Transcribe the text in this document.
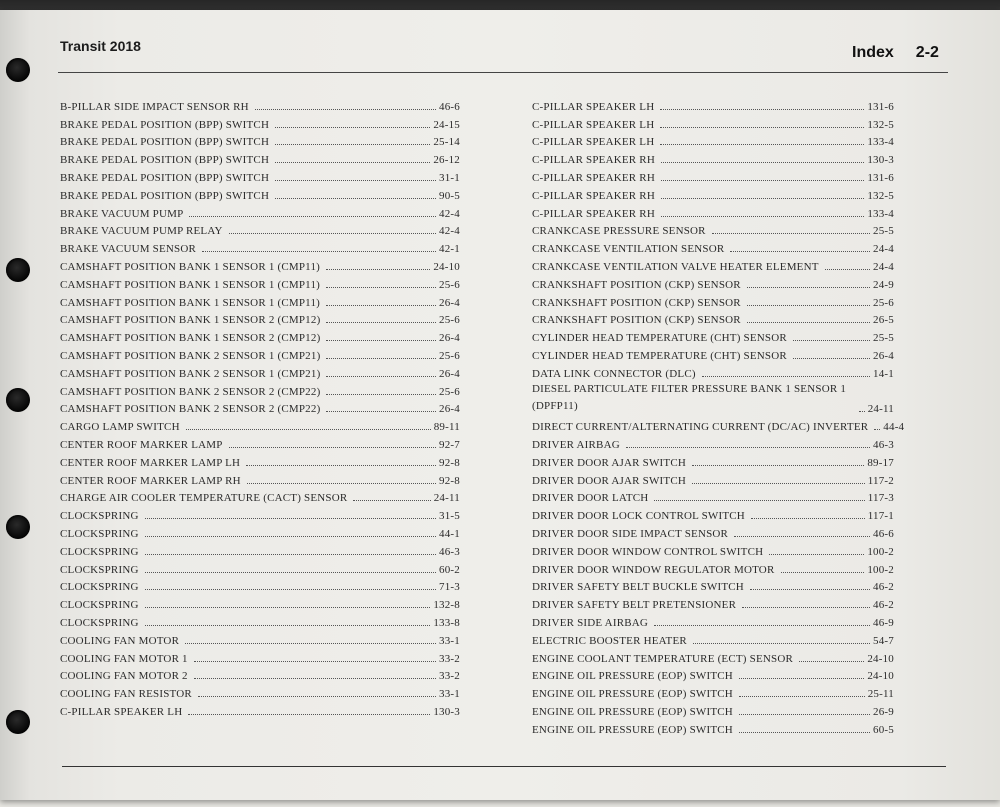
Transit 2018	Index 2-2
B-PILLAR SIDE IMPACT SENSOR RH	46-6
BRAKE PEDAL POSITION (BPP) SWITCH	24-15
BRAKE PEDAL POSITION (BPP) SWITCH	25-14
BRAKE PEDAL POSITION (BPP) SWITCH	26-12
BRAKE PEDAL POSITION (BPP) SWITCH	31-1
BRAKE PEDAL POSITION (BPP) SWITCH	90-5
BRAKE VACUUM PUMP	42-4
BRAKE VACUUM PUMP RELAY	42-4
BRAKE VACUUM SENSOR	42-1
CAMSHAFT POSITION BANK 1 SENSOR 1 (CMP11)	24-10
CAMSHAFT POSITION BANK 1 SENSOR 1 (CMP11)	25-6
CAMSHAFT POSITION BANK 1 SENSOR 1 (CMP11)	26-4
CAMSHAFT POSITION BANK 1 SENSOR 2 (CMP12)	25-6
CAMSHAFT POSITION BANK 1 SENSOR 2 (CMP12)	26-4
CAMSHAFT POSITION BANK 2 SENSOR 1 (CMP21)	25-6
CAMSHAFT POSITION BANK 2 SENSOR 1 (CMP21)	26-4
CAMSHAFT POSITION BANK 2 SENSOR 2 (CMP22)	25-6
CAMSHAFT POSITION BANK 2 SENSOR 2 (CMP22)	26-4
CARGO LAMP SWITCH	89-11
CENTER ROOF MARKER LAMP	92-7
CENTER ROOF MARKER LAMP LH	92-8
CENTER ROOF MARKER LAMP RH	92-8
CHARGE AIR COOLER TEMPERATURE (CACT) SENSOR	24-11
CLOCKSPRING	31-5
CLOCKSPRING	44-1
CLOCKSPRING	46-3
CLOCKSPRING	60-2
CLOCKSPRING	71-3
CLOCKSPRING	132-8
CLOCKSPRING	133-8
COOLING FAN MOTOR	33-1
COOLING FAN MOTOR 1	33-2
COOLING FAN MOTOR 2	33-2
COOLING FAN RESISTOR	33-1
C-PILLAR SPEAKER LH	130-3
C-PILLAR SPEAKER LH	131-6
C-PILLAR SPEAKER LH	132-5
C-PILLAR SPEAKER LH	133-4
C-PILLAR SPEAKER RH	130-3
C-PILLAR SPEAKER RH	131-6
C-PILLAR SPEAKER RH	132-5
C-PILLAR SPEAKER RH	133-4
CRANKCASE PRESSURE SENSOR	25-5
CRANKCASE VENTILATION SENSOR	24-4
CRANKCASE VENTILATION VALVE HEATER ELEMENT	24-4
CRANKSHAFT POSITION (CKP) SENSOR	24-9
CRANKSHAFT POSITION (CKP) SENSOR	25-6
CRANKSHAFT POSITION (CKP) SENSOR	26-5
CYLINDER HEAD TEMPERATURE (CHT) SENSOR	25-5
CYLINDER HEAD TEMPERATURE (CHT) SENSOR	26-4
DATA LINK CONNECTOR (DLC)	14-1
DIESEL PARTICULATE FILTER PRESSURE BANK 1 SENSOR 1 (DPFP11)	24-11
DIRECT CURRENT/ALTERNATING CURRENT (DC/AC) INVERTER 44-4
DRIVER AIRBAG	46-3
DRIVER DOOR AJAR SWITCH	89-17
DRIVER DOOR AJAR SWITCH	117-2
DRIVER DOOR LATCH	117-3
DRIVER DOOR LOCK CONTROL SWITCH	117-1
DRIVER DOOR SIDE IMPACT SENSOR	46-6
DRIVER DOOR WINDOW CONTROL SWITCH	100-2
DRIVER DOOR WINDOW REGULATOR MOTOR	100-2
DRIVER SAFETY BELT BUCKLE SWITCH	46-2
DRIVER SAFETY BELT PRETENSIONER	46-2
DRIVER SIDE AIRBAG	46-9
ELECTRIC BOOSTER HEATER	54-7
ENGINE COOLANT TEMPERATURE (ECT) SENSOR	24-10
ENGINE OIL PRESSURE (EOP) SWITCH	24-10
ENGINE OIL PRESSURE (EOP) SWITCH	25-11
ENGINE OIL PRESSURE (EOP) SWITCH	26-9
ENGINE OIL PRESSURE (EOP) SWITCH	60-5
